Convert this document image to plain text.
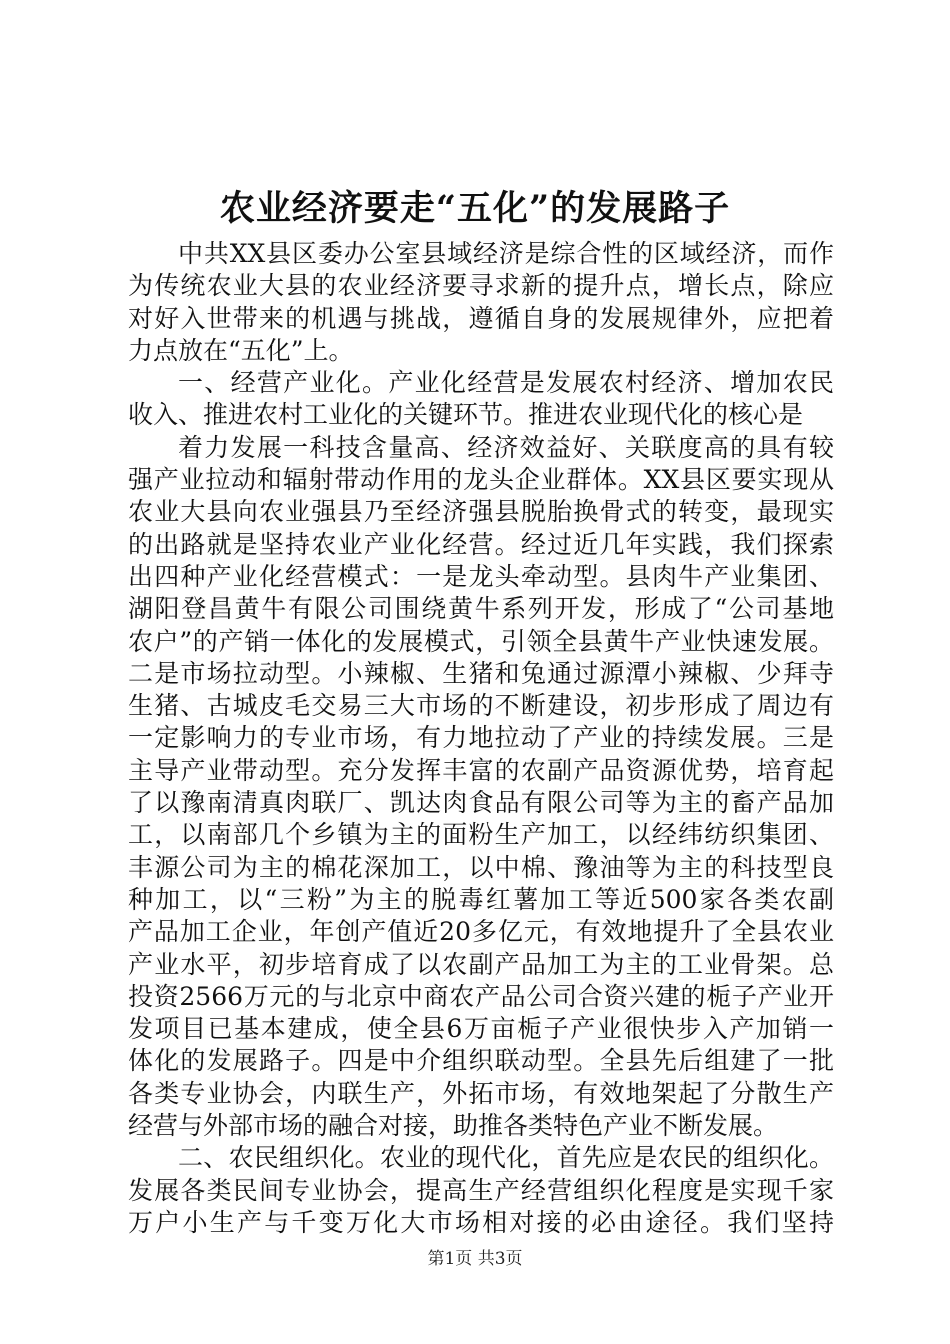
农业经济要走“五化”的发展路子
中共XX县区委办公室县域经济是综合性的区域经济，而作
为传统农业大县的农业经济要寻求新的提升点，增长点，除应
对好入世带来的机遇与挑战，遵循自身的发展规律外，应把着
力点放在“五化”上。
一、经营产业化。产业化经营是发展农村经济、增加农民
收入、推进农村工业化的关键环节。推进农业现代化的核心是
着力发展一科技含量高、经济效益好、关联度高的具有较
强产业拉动和辐射带动作用的龙头企业群体。XX县区要实现从
农业大县向农业强县乃至经济强县脱胎换骨式的转变，最现实
的出路就是坚持农业产业化经营。经过近几年实践，我们探索
出四种产业化经营模式：一是龙头牵动型。县肉牛产业集团、
湖阳登昌黄牛有限公司围绕黄牛系列开发，形成了“公司基地
农户”的产销一体化的发展模式，引领全县黄牛产业快速发展。
二是市场拉动型。小辣椒、生猪和兔通过源潭小辣椒、少拜寺
生猪、古城皮毛交易三大市场的不断建设，初步形成了周边有
一定影响力的专业市场，有力地拉动了产业的持续发展。三是
主导产业带动型。充分发挥丰富的农副产品资源优势，培育起
了以豫南清真肉联厂、凯达肉食品有限公司等为主的畜产品加
工，以南部几个乡镇为主的面粉生产加工，以经纬纺织集团、
丰源公司为主的棉花深加工，以中棉、豫油等为主的科技型良
种加工，以“三粉”为主的脱毒红薯加工等近500家各类农副
产品加工企业，年创产值近20多亿元，有效地提升了全县农业
产业水平，初步培育成了以农副产品加工为主的工业骨架。总
投资2566万元的与北京中商农产品公司合资兴建的栀子产业开
发项目已基本建成，使全县6万亩栀子产业很快步入产加销一
体化的发展路子。四是中介组织联动型。全县先后组建了一批
各类专业协会，内联生产，外拓市场，有效地架起了分散生产
经营与外部市场的融合对接，助推各类特色产业不断发展。
二、农民组织化。农业的现代化，首先应是农民的组织化。
发展各类民间专业协会，提高生产经营组织化程度是实现千家
万户小生产与千变万化大市场相对接的必由途径。我们坚持
第1页 共3页
